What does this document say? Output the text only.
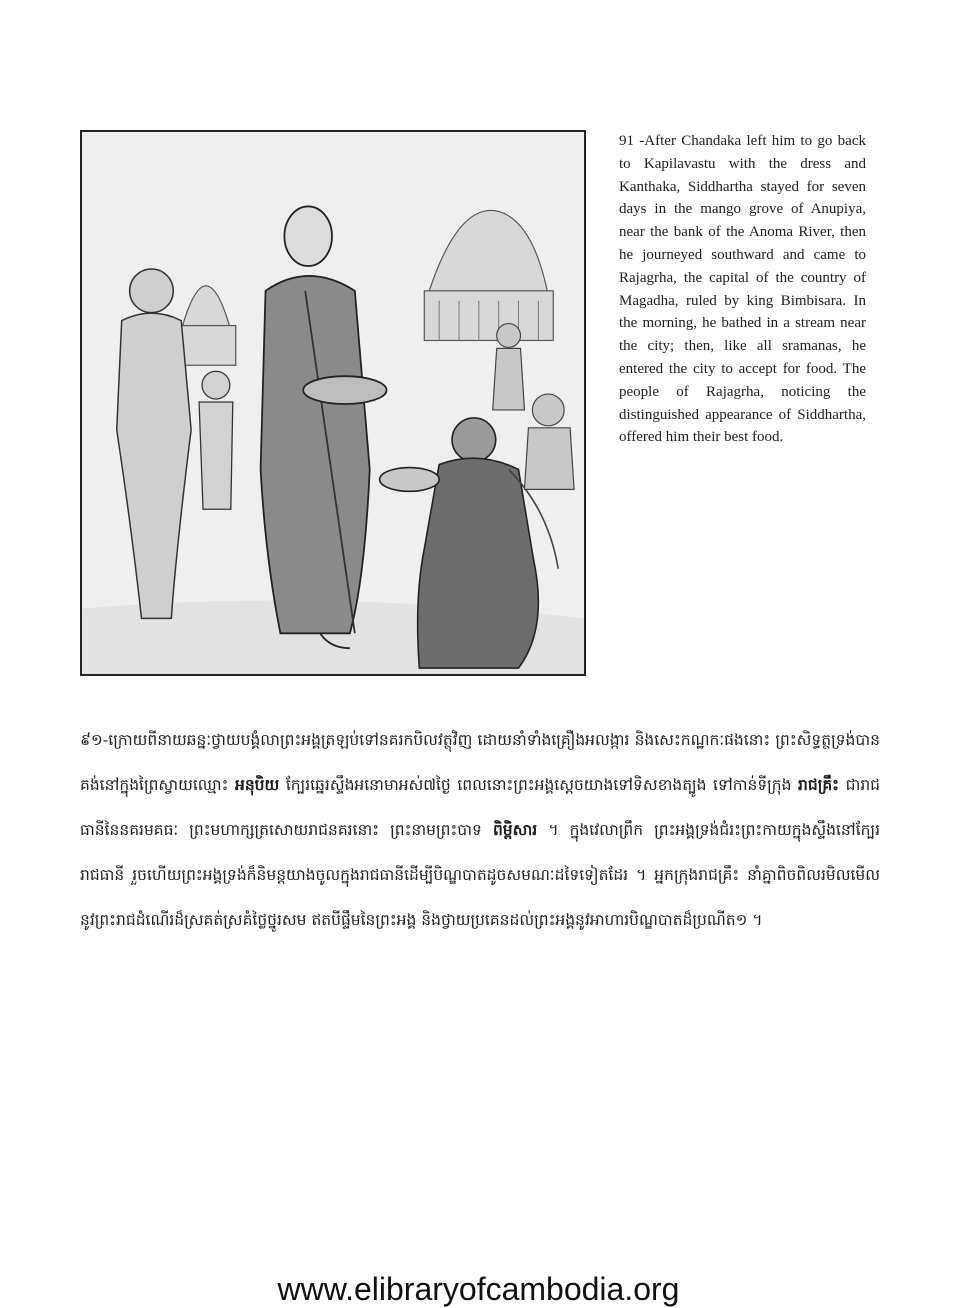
91 -After Chandaka left him to go back to Kapilavastu with the dress and Kanthaka, Siddhartha stayed for seven days in the mango grove of Anupiya, near the bank of the Anoma River, then he journeyed southward and came to Rajagrha, the capital of the country of Magadha, ruled by king Bimbisara. In the morning, he bathed in a stream near the city; then, like all sramanas, he entered the city to accept for food. The people of Rajagrha, noticing the distinguished appearance of Siddhartha, offered him their best food.
៩១-ក្រោយពីនាយឆន្នៈថ្វាយបង្គំលាព្រះអង្គត្រឡប់ទៅនគរកបិលវត្ថុវិញ ដោយនាំទាំងគ្រឿងអលង្ការ និងសេះកណ្ឋកៈផងនោះ ព្រះសិទ្ធត្ថទ្រង់បានគង់នៅក្នុងព្រៃស្វាយឈ្មោះ អនុបិយ ក្បែរឆ្នេរស្ទឹងអនោមាអស់៧ថ្ងៃ ពេលនោះព្រះអង្គស្តេចយាងទៅទិសខាងត្បូង ទៅកាន់ទីក្រុង រាជគ្រឹះ ជារាជធានីនៃនគរមគធៈ ព្រះមហាក្សត្រសោយរាជនគរនោះ ព្រះនាមព្រះបាទ ពិម្ពិសារ ។ ក្នុងវេលាព្រឹក ព្រះអង្គទ្រង់ជំរះព្រះកាយក្នុងស្ទឹងនៅក្បែររាជធានី រួចហើយព្រះអង្គទ្រង់ក៏និមន្តយាងចូលក្នុងរាជធានីដើម្បីបិណ្ឌបាតដូចសមណៈដទៃទៀតដែរ ។ អ្នកក្រុងរាជគ្រឹះ នាំគ្នាពិចពិលរមិលមើលនូវព្រះរាជដំណើរដ៏ស្រគត់ស្រគំថ្លៃថ្នូរសម ឥតបីផ្ទឹមនៃព្រះអង្គ និងថ្វាយប្រគេនដល់ព្រះអង្គនូវអាហារបិណ្ឌបាតដ៏ប្រណីត១ ។
www.elibraryofcambodia.org
